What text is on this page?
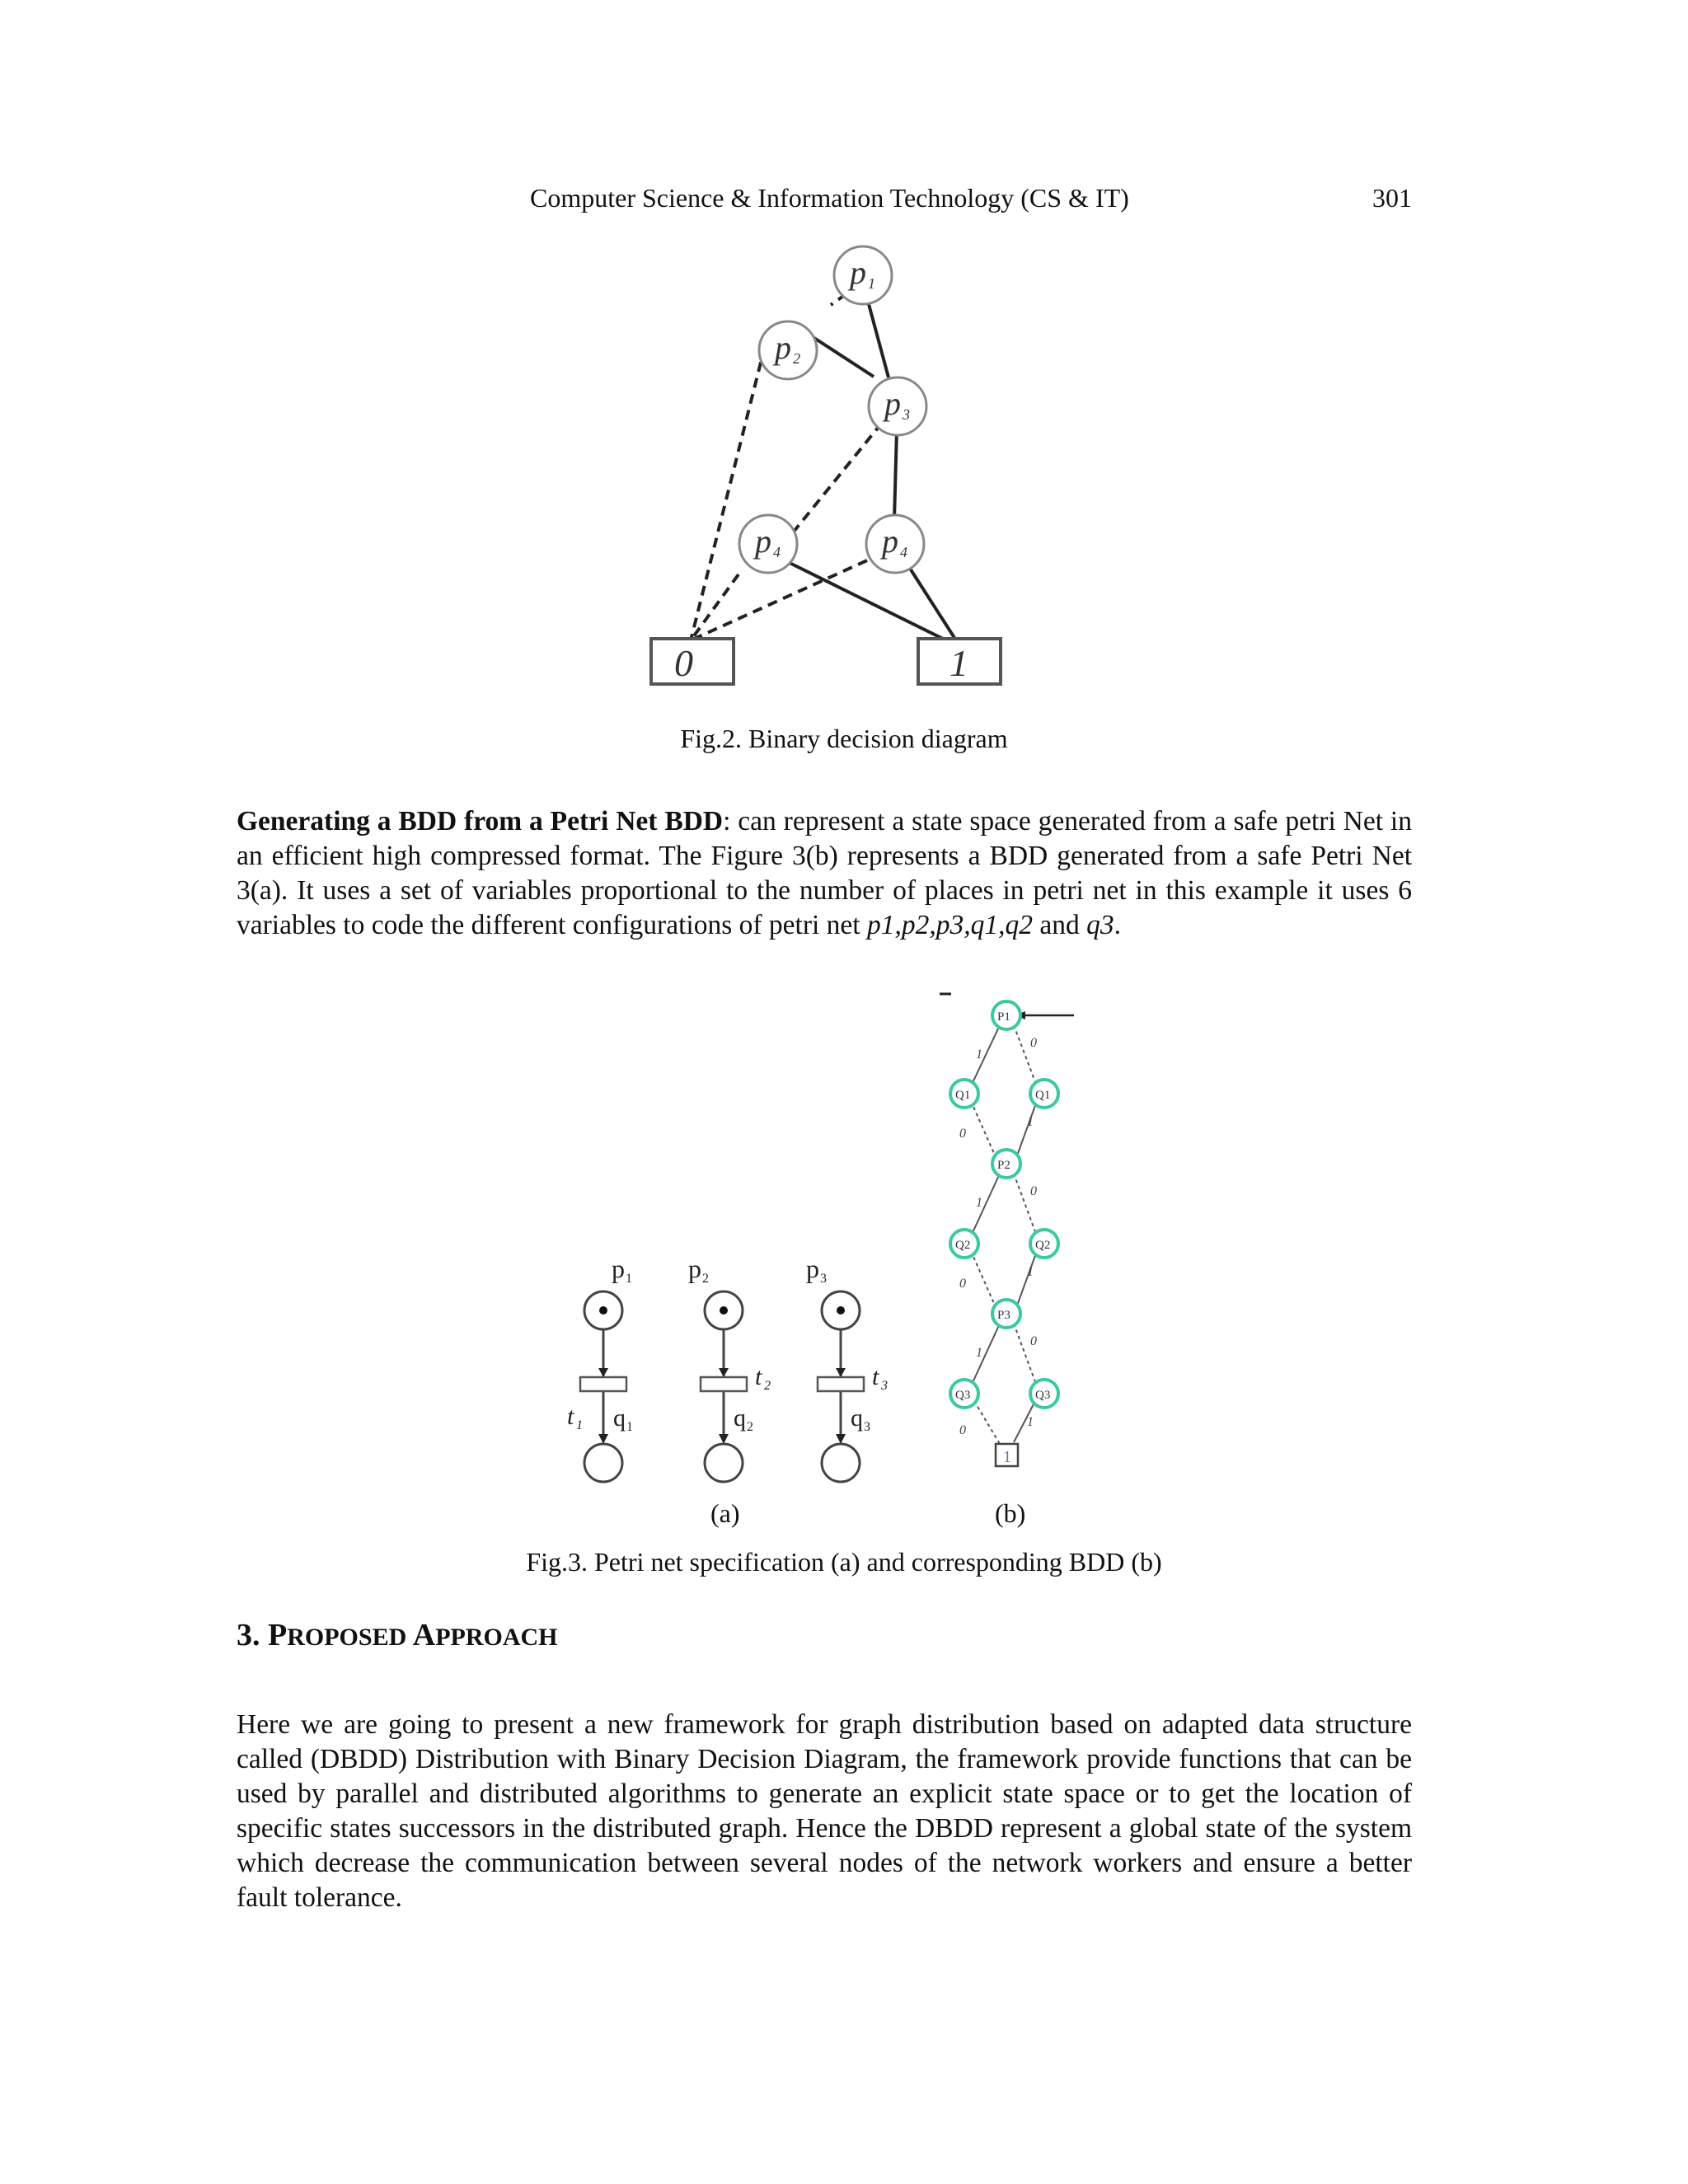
Computer Science & Information Technology (CS & IT)	301
p 1
p 2
p 3
p 4	p 4
0	1
Fig.2. Binary decision diagram

Generating a BDD from a Petri Net BDD: can represent a state space generated from a safe petri Net in an efficient high compressed format. The Figure 3(b) represents a BDD generated from a safe Petri Net 3(a). It uses a set of variables proportional to the number of places in petri net in this example it uses 6 variables to code the different configurations of petri net p1,p2,p3,q1,q2 and q3.

p 1 p 2	p 3
q 1	q 2	q 3
t 1
t 2	t 3
1
P1
Q1	Q1
P2
Q2	Q2
P3
Q3	Q3
1
0
0
1
1
0
0
1
1
0
0
1
(a)	(b)
Fig.3. Petri net specification (a) and corresponding BDD (b)
3. PROPOSED APPROACH

Here we are going to present a new framework for graph distribution based on adapted data structure called (DBDD) Distribution with Binary Decision Diagram, the framework provide functions that can be used by parallel and distributed algorithms to generate an explicit state space or to get the location of specific states successors in the distributed graph. Hence the DBDD represent a global state of the system which decrease the communication between several nodes of the network workers and ensure a better fault tolerance.
